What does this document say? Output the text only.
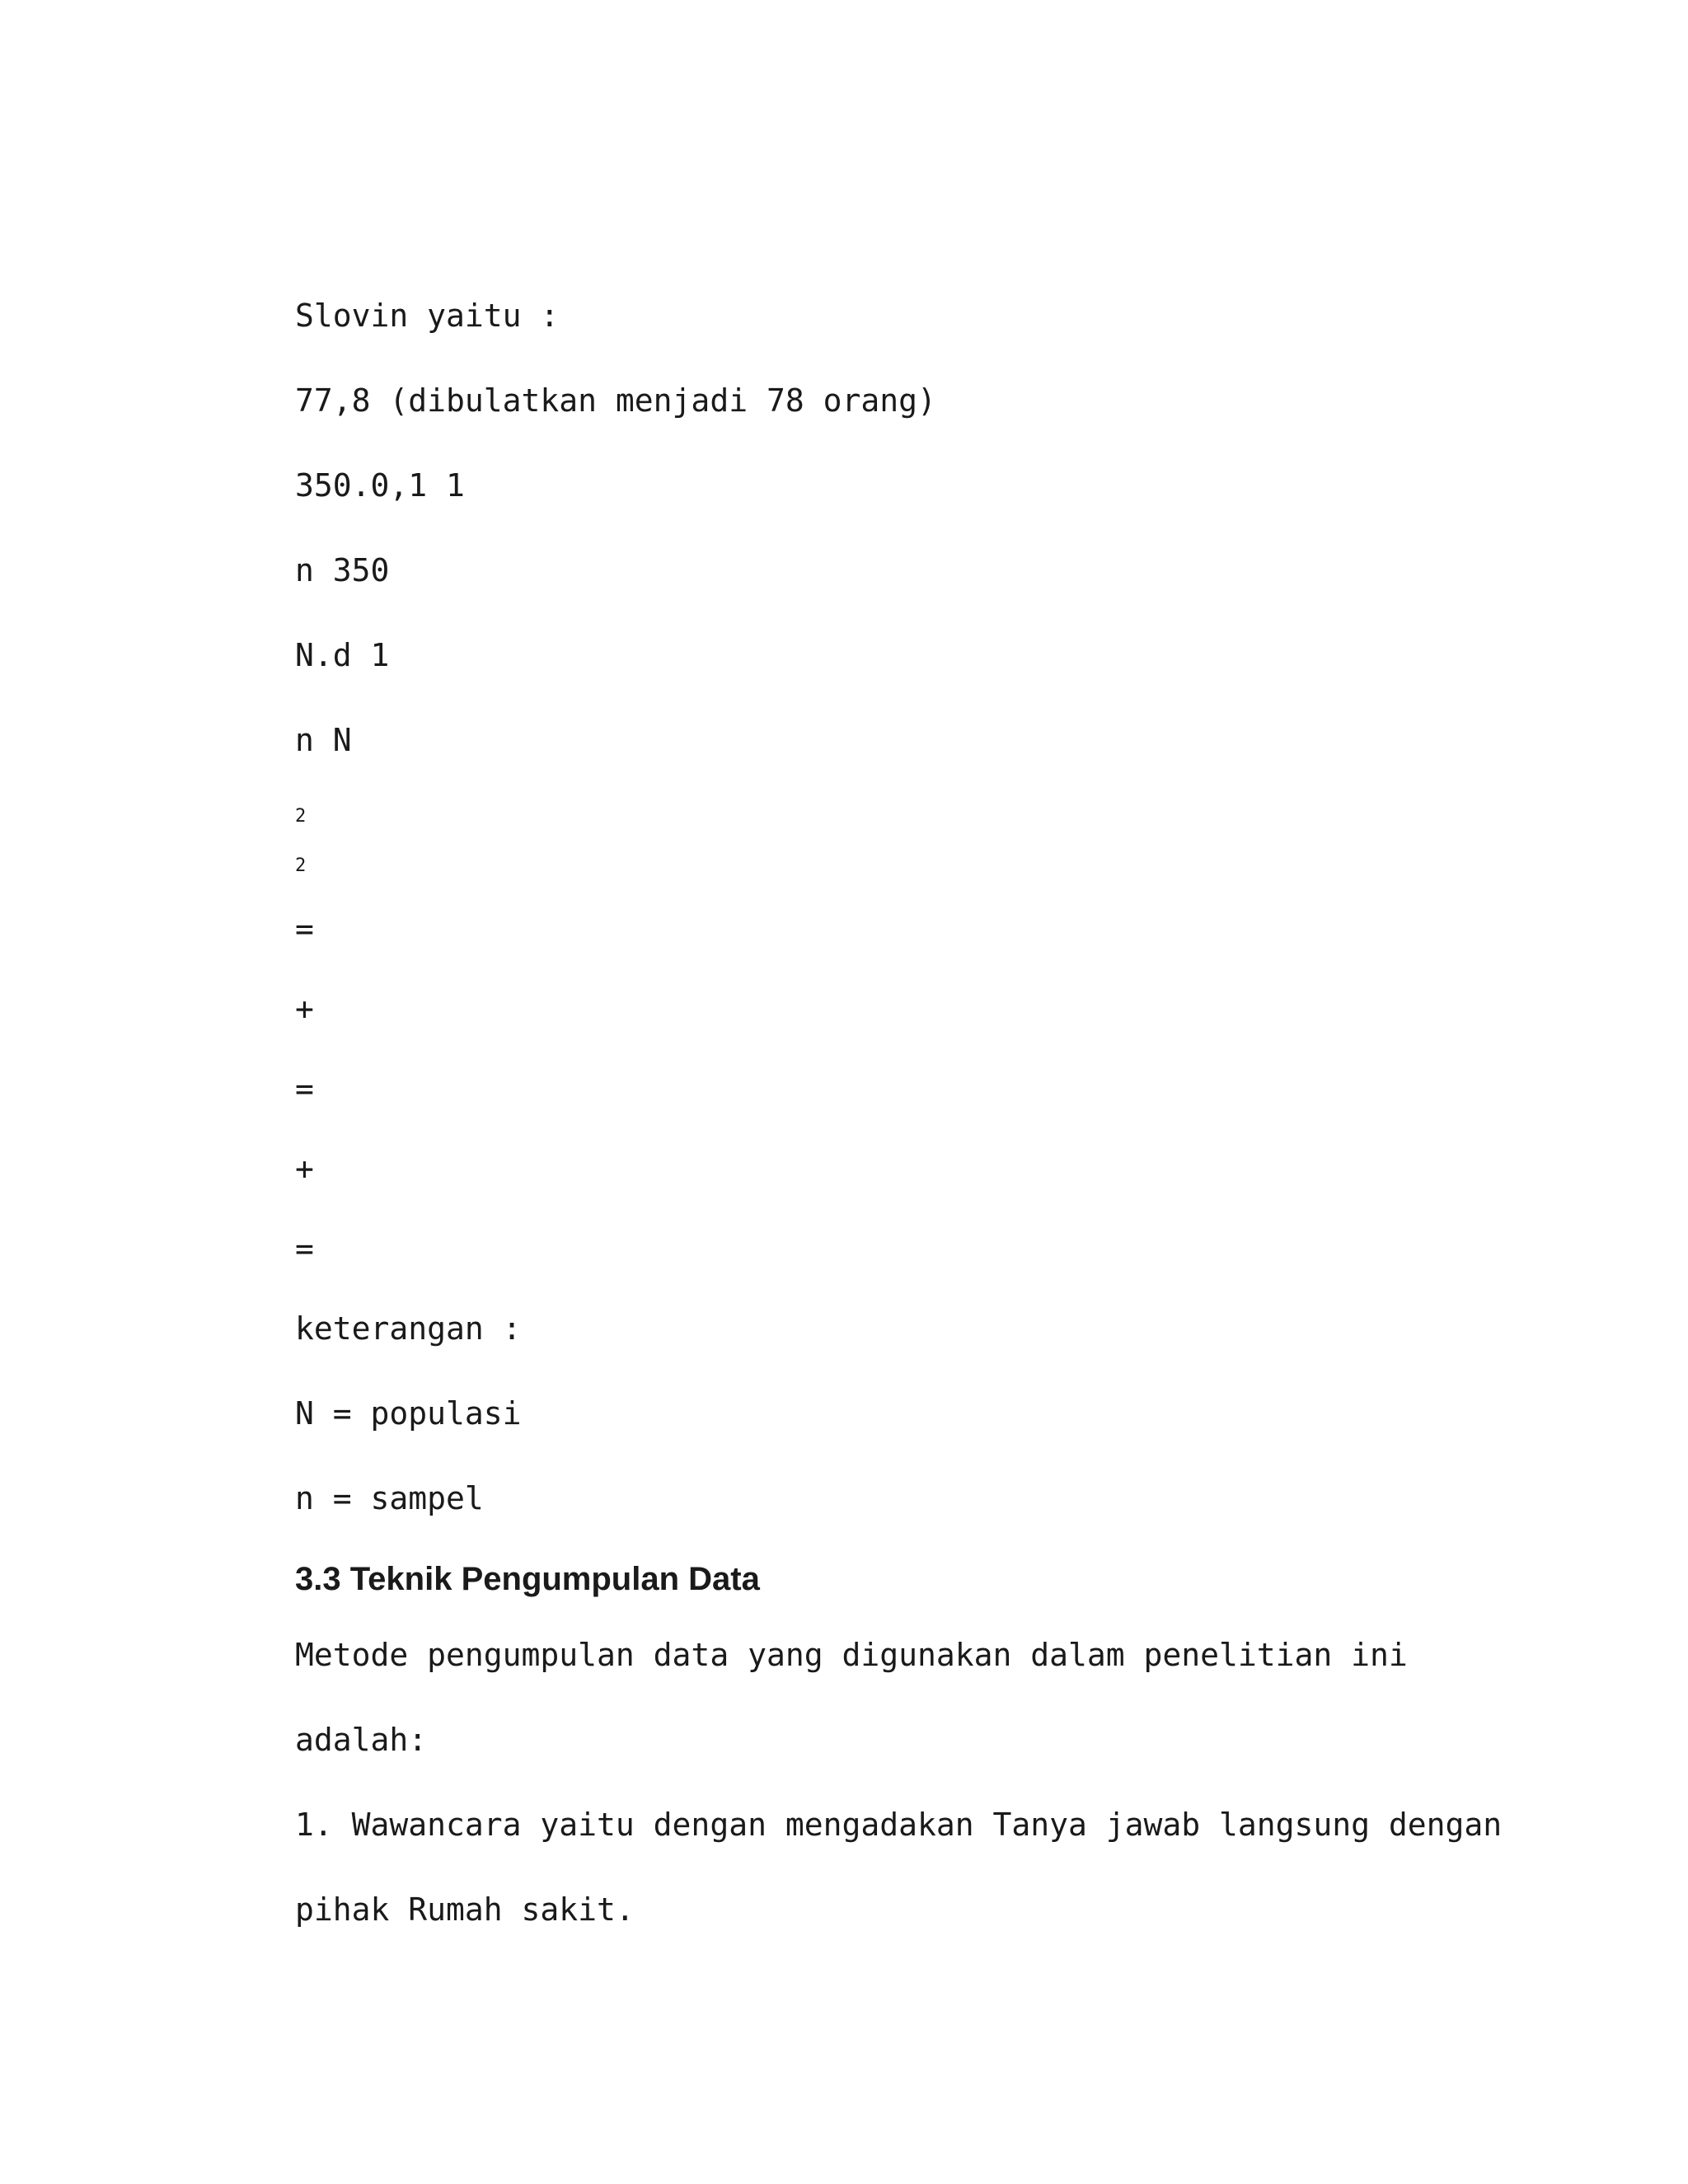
Slovin yaitu :
77,8 (dibulatkan menjadi 78 orang)
350.0,1 1
n 350
N.d 1
n N
2
2
=
+
=
+
=
keterangan :
N = populasi
n = sampel
3.3 Teknik Pengumpulan Data
Metode pengumpulan data yang digunakan dalam penelitian ini
adalah:
1. Wawancara yaitu dengan mengadakan Tanya jawab langsung dengan
pihak Rumah sakit.
